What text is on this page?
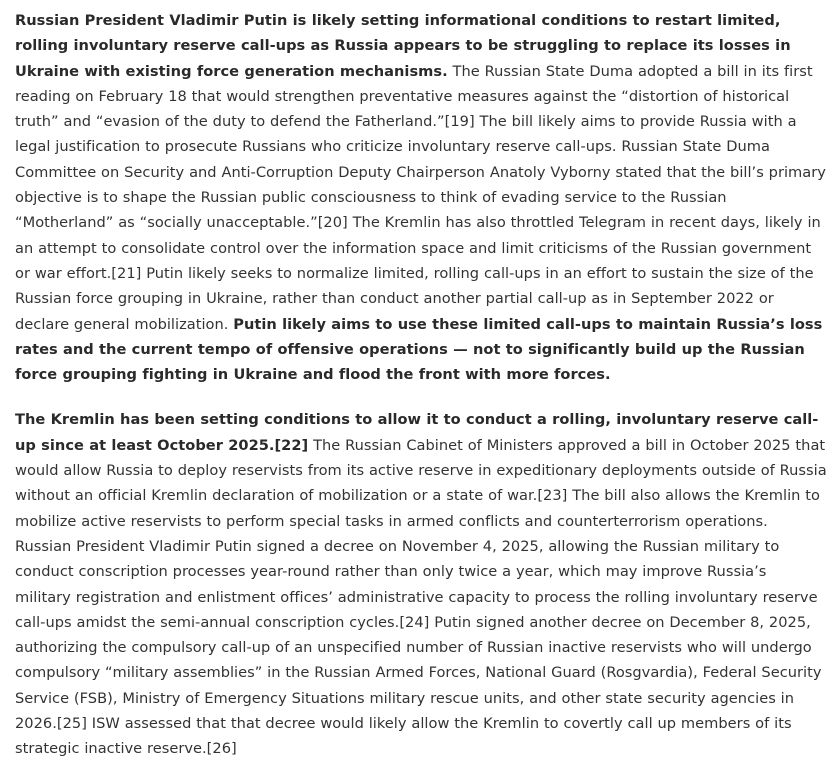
Russian President Vladimir Putin is likely setting informational conditions to restart limited, rolling involuntary reserve call-ups as Russia appears to be struggling to replace its losses in Ukraine with existing force generation mechanisms. The Russian State Duma adopted a bill in its first reading on February 18 that would strengthen preventative measures against the “distortion of historical truth” and “evasion of the duty to defend the Fatherland.”[19] The bill likely aims to provide Russia with a legal justification to prosecute Russians who criticize involuntary reserve call-ups. Russian State Duma Committee on Security and Anti-Corruption Deputy Chairperson Anatoly Vyborny stated that the bill’s primary objective is to shape the Russian public consciousness to think of evading service to the Russian “Motherland” as “socially unacceptable.”[20] The Kremlin has also throttled Telegram in recent days, likely in an attempt to consolidate control over the information space and limit criticisms of the Russian government or war effort.[21] Putin likely seeks to normalize limited, rolling call-ups in an effort to sustain the size of the Russian force grouping in Ukraine, rather than conduct another partial call-up as in September 2022 or declare general mobilization. Putin likely aims to use these limited call-ups to maintain Russia’s loss rates and the current tempo of offensive operations — not to significantly build up the Russian force grouping fighting in Ukraine and flood the front with more forces.

The Kremlin has been setting conditions to allow it to conduct a rolling, involuntary reserve call-up since at least October 2025.[22] The Russian Cabinet of Ministers approved a bill in October 2025 that would allow Russia to deploy reservists from its active reserve in expeditionary deployments outside of Russia without an official Kremlin declaration of mobilization or a state of war.[23] The bill also allows the Kremlin to mobilize active reservists to perform special tasks in armed conflicts and counterterrorism operations. Russian President Vladimir Putin signed a decree on November 4, 2025, allowing the Russian military to conduct conscription processes year-round rather than only twice a year, which may improve Russia’s military registration and enlistment offices’ administrative capacity to process the rolling involuntary reserve call-ups amidst the semi-annual conscription cycles.[24] Putin signed another decree on December 8, 2025, authorizing the compulsory call-up of an unspecified number of Russian inactive reservists who will undergo compulsory “military assemblies” in the Russian Armed Forces, National Guard (Rosgvardia), Federal Security Service (FSB), Ministry of Emergency Situations military rescue units, and other state security agencies in 2026.[25] ISW assessed that that decree would likely allow the Kremlin to covertly call up members of its strategic inactive reserve.[26]
